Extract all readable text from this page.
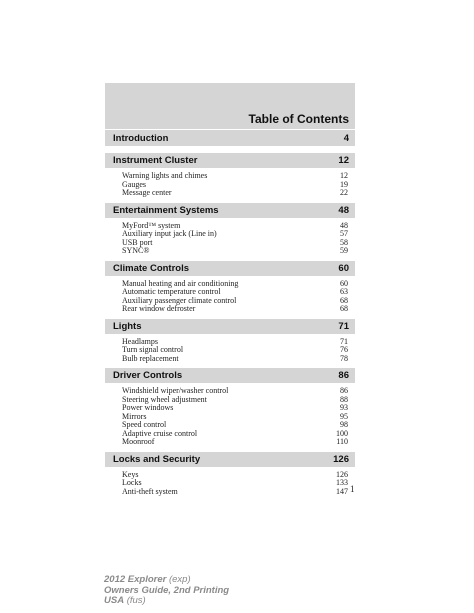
Table of Contents
Introduction	4
Instrument Cluster	12
Warning lights and chimes	12
Gauges	19
Message center	22
Entertainment Systems	48
MyFord™ system	48
Auxiliary input jack (Line in)	57
USB port	58
SYNC®	59
Climate Controls	60
Manual heating and air conditioning	60
Automatic temperature control	63
Auxiliary passenger climate control	68
Rear window defroster	68
Lights	71
Headlamps	71
Turn signal control	76
Bulb replacement	78
Driver Controls	86
Windshield wiper/washer control	86
Steering wheel adjustment	88
Power windows	93
Mirrors	95
Speed control	98
Adaptive cruise control	100
Moonroof	110
Locks and Security	126
Keys	126
Locks	133
Anti-theft system	147 1
2012 Explorer (exp)
Owners Guide, 2nd Printing
USA (fus)
